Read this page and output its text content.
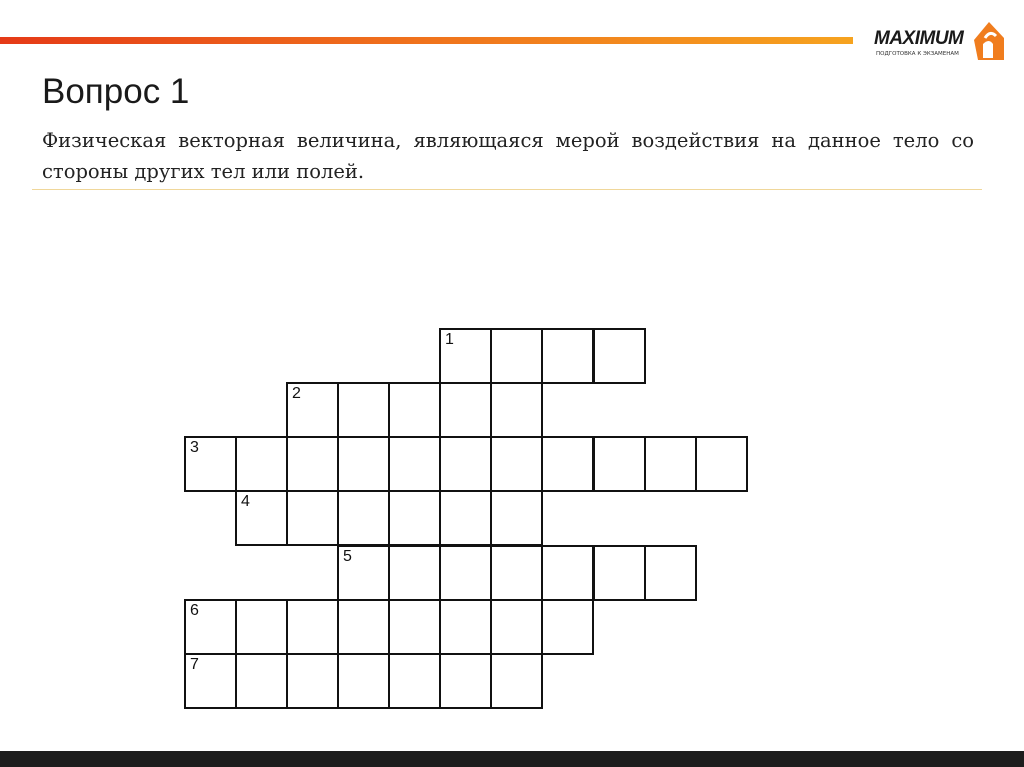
MAXIMUM
ПОДГОТОВКА К ЭКЗАМЕНАМ
Вопрос 1

Физическая векторная величина, являющаяся мерой воздействия на данное тело со стороны других тел или полей.

1
2
3
4
5
6
7
